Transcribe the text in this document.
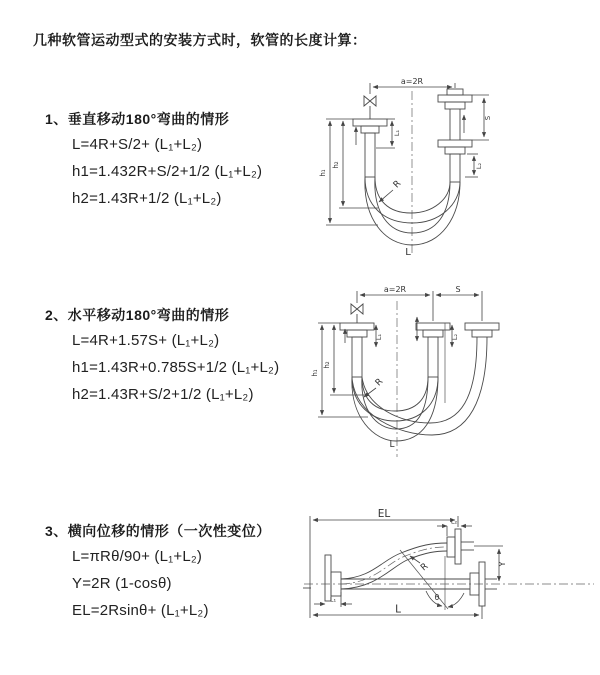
几种软管运动型式的安装方式时，软管的长度计算：
1、垂直移动180°弯曲的情形
L=4R+S/2+ (L₁+L₂)
h1=1.432R+S/2+1/2 (L₁+L₂)
h2=1.43R+1/2 (L₁+L₂)
2、水平移动180°弯曲的情形
L=4R+1.57S+ (L₁+L₂)
h1=1.43R+0.785S+1/2 (L₁+L₂)
h2=1.43R+S/2+1/2 (L₁+L₂)
3、横向位移的情形（一次性变位）
L=πRθ/90+ (L₁+L₂)
Y=2R (1-cosθ)
EL=2Rsinθ+ (L₁+L₂)
a=2R
S
L₂
L₁
h₁
h₂
R
L
a=2R	S
h₁
h₂
L₁	L₂
R
L
EL
L₂
Y
L
L₁
R
θ
